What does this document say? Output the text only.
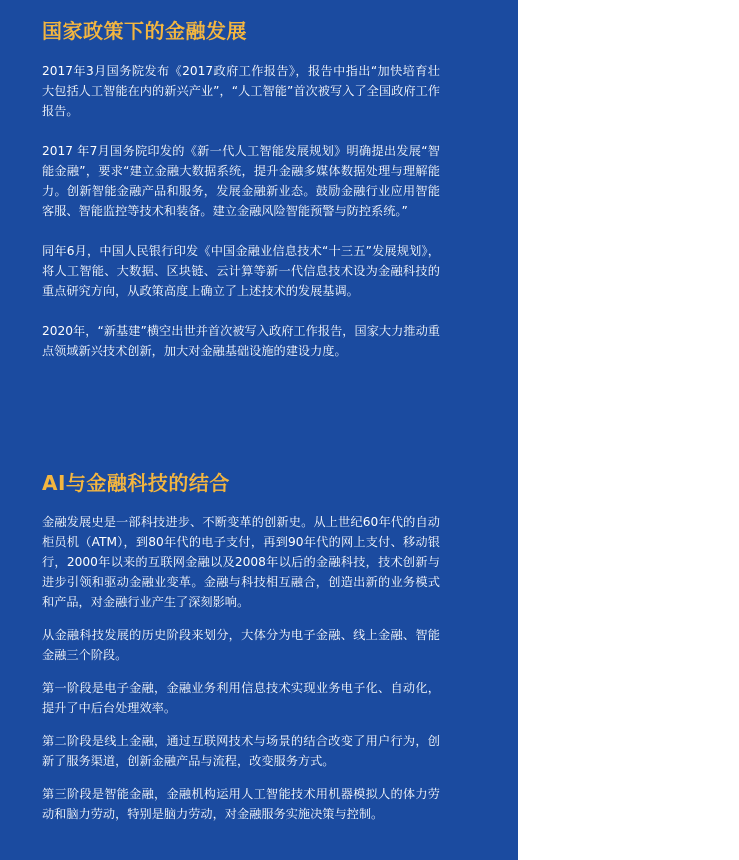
国家政策下的金融发展

2017年3月国务院发布《2017政府工作报告》，报告中指出“加快培育壮大包括人工智能在内的新兴产业”，“人工智能”首次被写入了全国政府工作报告。

2017 年7月国务院印发的《新一代人工智能发展规划》明确提出发展“智能金融”，要求“建立金融大数据系统，提升金融多媒体数据处理与理解能力。创新智能金融产品和服务，发展金融新业态。鼓励金融行业应用智能客服、智能监控等技术和装备。建立金融风险智能预警与防控系统。”

同年6月，中国人民银行印发《中国金融业信息技术“十三五”发展规划》，将人工智能、大数据、区块链、云计算等新一代信息技术设为金融科技的重点研究方向，从政策高度上确立了上述技术的发展基调。

2020年，“新基建”横空出世并首次被写入政府工作报告，国家大力推动重点领域新兴技术创新，加大对金融基础设施的建设力度。

AI与金融科技的结合

金融发展史是一部科技进步、不断变革的创新史。从上世纪60年代的自动柜员机（ATM），到80年代的电子支付，再到90年代的网上支付、移动银行，2000年以来的互联网金融以及2008年以后的金融科技，技术创新与进步引领和驱动金融业变革。金融与科技相互融合，创造出新的业务模式和产品，对金融行业产生了深刻影响。

从金融科技发展的历史阶段来划分，大体分为电子金融、线上金融、智能金融三个阶段。

第一阶段是电子金融，金融业务利用信息技术实现业务电子化、自动化，提升了中后台处理效率。

第二阶段是线上金融，通过互联网技术与场景的结合改变了用户行为，创新了服务渠道，创新金融产品与流程，改变服务方式。

第三阶段是智能金融，金融机构运用人工智能技术用机器模拟人的体力劳动和脑力劳动，特别是脑力劳动，对金融服务实施决策与控制。
